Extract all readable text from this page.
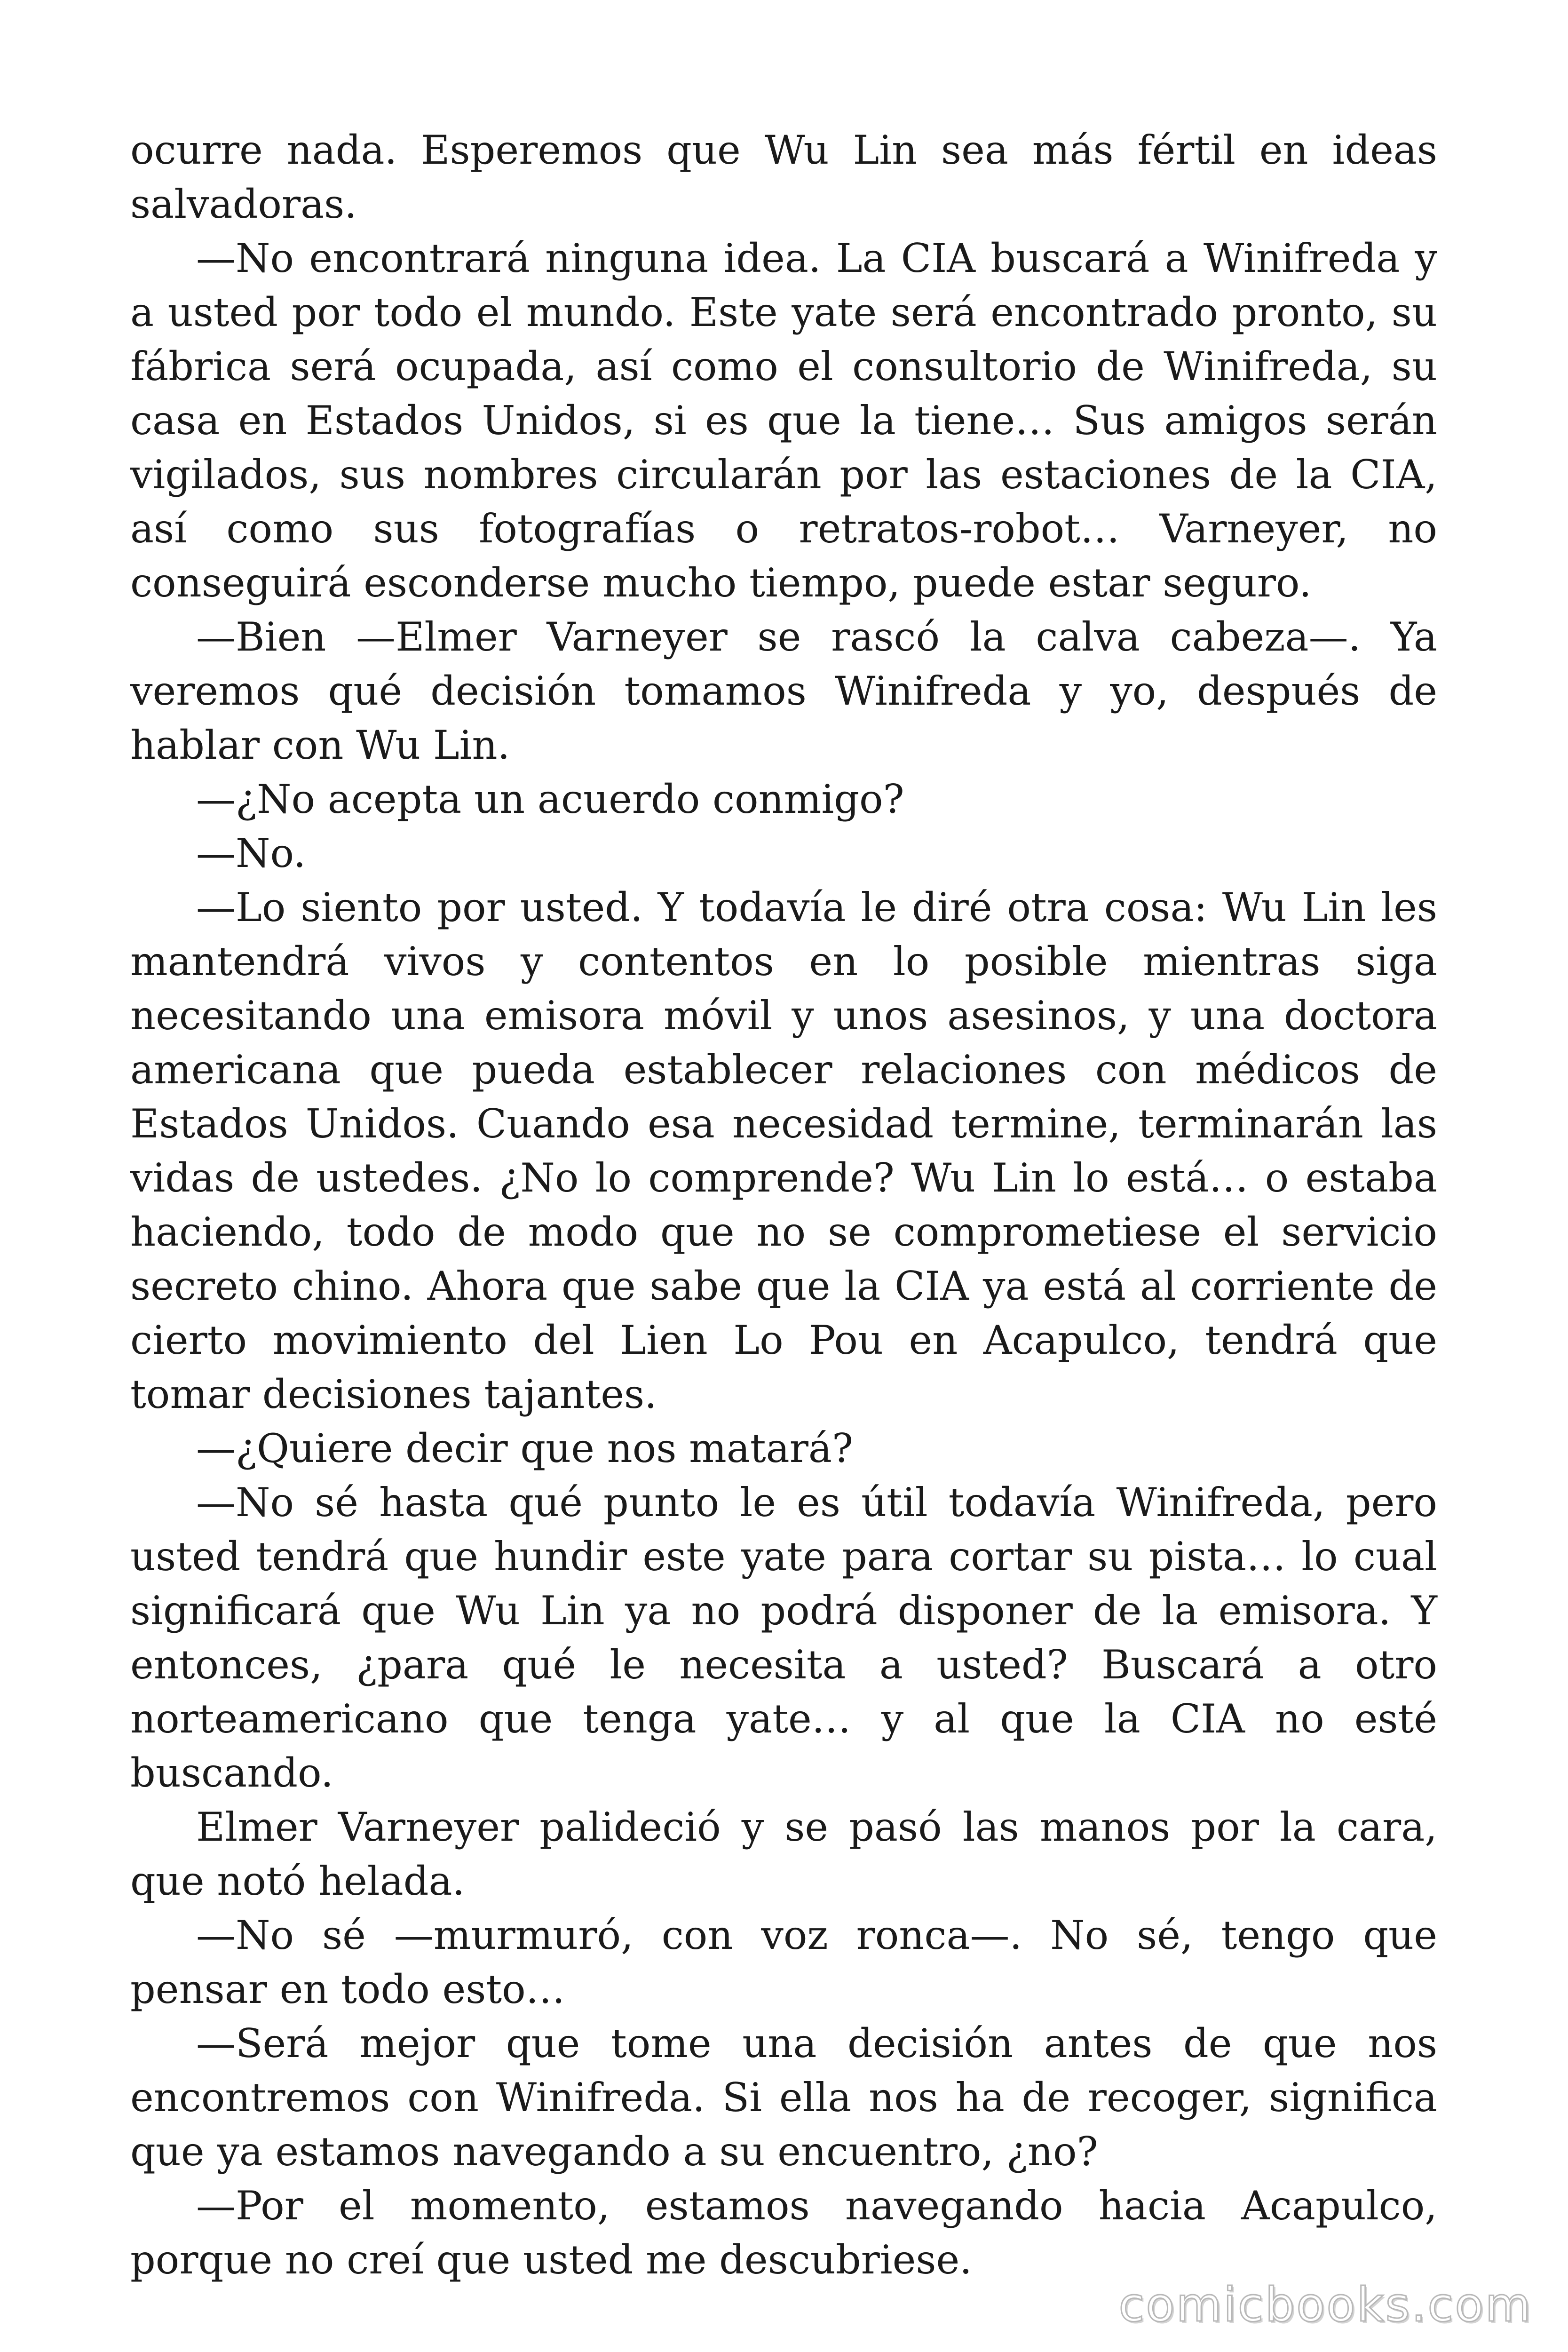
ocurre nada. Esperemos que Wu Lin sea más fértil en ideas salvadoras.

—No encontrará ninguna idea. La CIA buscará a Winifreda y a usted por todo el mundo. Este yate será encontrado pronto, su fábrica será ocupada, así como el consultorio de Winifreda, su casa en Estados Unidos, si es que la tiene… Sus amigos serán vigilados, sus nombres circularán por las estaciones de la CIA, así como sus fotografías o retratos-robot… Varneyer, no conseguirá esconderse mucho tiempo, puede estar seguro.

—Bien —Elmer Varneyer se rascó la calva cabeza—. Ya veremos qué decisión tomamos Winifreda y yo, después de hablar con Wu Lin.

—¿No acepta un acuerdo conmigo?

—No.

—Lo siento por usted. Y todavía le diré otra cosa: Wu Lin les mantendrá vivos y contentos en lo posible mientras siga necesitando una emisora móvil y unos asesinos, y una doctora americana que pueda establecer relaciones con médicos de Estados Unidos. Cuando esa necesidad termine, terminarán las vidas de ustedes. ¿No lo comprende? Wu Lin lo está… o estaba haciendo, todo de modo que no se comprometiese el servicio secreto chino. Ahora que sabe que la CIA ya está al corriente de cierto movimiento del Lien Lo Pou en Acapulco, tendrá que tomar decisiones tajantes.

—¿Quiere decir que nos matará?

—No sé hasta qué punto le es útil todavía Winifreda, pero usted tendrá que hundir este yate para cortar su pista… lo cual significará que Wu Lin ya no podrá disponer de la emisora. Y entonces, ¿para qué le necesita a usted? Buscará a otro norteamericano que tenga yate… y al que la CIA no esté buscando.

Elmer Varneyer palideció y se pasó las manos por la cara, que notó helada.

—No sé —murmuró, con voz ronca—. No sé, tengo que pensar en todo esto…

—Será mejor que tome una decisión antes de que nos encontremos con Winifreda. Si ella nos ha de recoger, significa que ya estamos navegando a su encuentro, ¿no?

—Por el momento, estamos navegando hacia Acapulco, porque no creí que usted me descubriese.

comicbooks.com
